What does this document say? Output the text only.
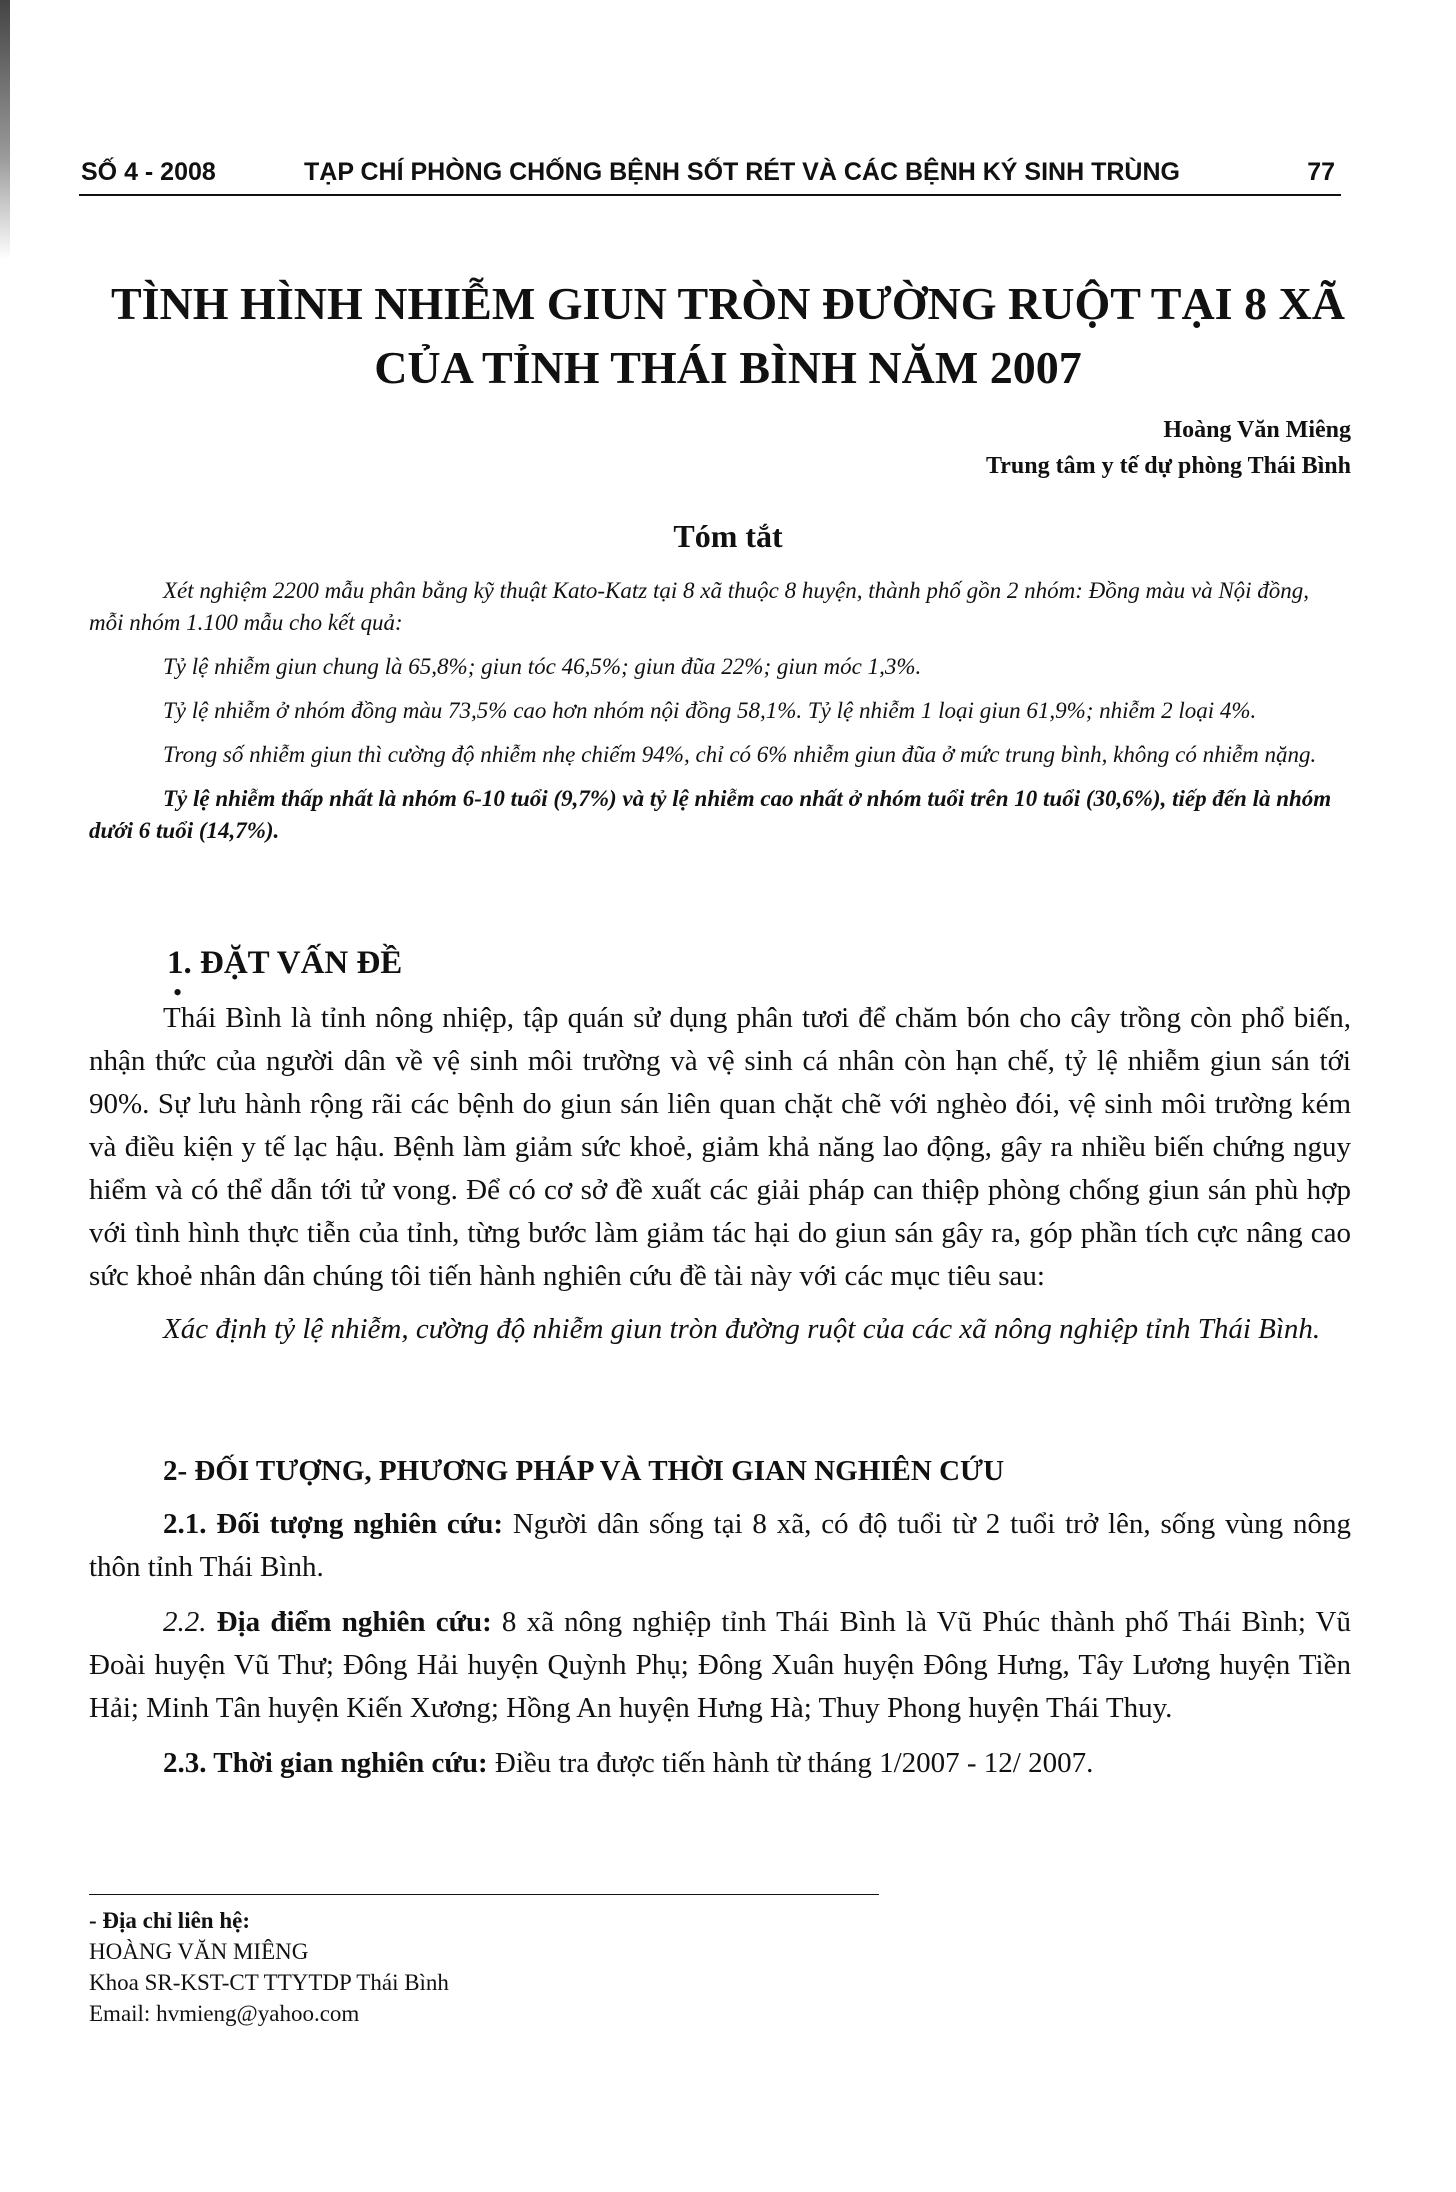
SỐ 4 - 2008	TẠP CHÍ PHÒNG CHỐNG BỆNH SỐT RÉT VÀ CÁC BỆNH KÝ SINH TRÙNG	77
TÌNH HÌNH NHIỄM GIUN TRÒN ĐƯỜNG RUỘT TẠI 8 XÃ
CỦA TỈNH THÁI BÌNH NĂM 2007
Hoàng Văn Miêng
Trung tâm y tế dự phòng Thái Bình
Tóm tắt
Xét nghiệm 2200 mẫu phân bằng kỹ thuật Kato-Katz tại 8 xã thuộc 8 huyện, thành phố gồn 2 nhóm: Đồng màu và Nội đồng, mỗi nhóm 1.100 mẫu cho kết quả:
Tỷ lệ nhiễm giun chung là 65,8%; giun tóc 46,5%; giun đũa 22%; giun móc 1,3%.
Tỷ lệ nhiễm ở nhóm đồng màu 73,5% cao hơn nhóm nội đồng 58,1%. Tỷ lệ nhiễm 1 loại giun 61,9%; nhiễm 2 loại 4%.
Trong số nhiễm giun thì cường độ nhiễm nhẹ chiếm 94%, chỉ có 6% nhiễm giun đũa ở mức trung bình, không có nhiễm nặng.
Tỷ lệ nhiễm thấp nhất là nhóm 6-10 tuổi (9,7%) và tỷ lệ nhiễm cao nhất ở nhóm tuổi trên 10 tuổi (30,6%), tiếp đến là nhóm dưới 6 tuổi (14,7%).
1. ĐẶT VẤN ĐỀ
•
Thái Bình là tỉnh nông nhiệp, tập quán sử dụng phân tươi để chăm bón cho cây trồng còn phổ biến, nhận thức của người dân về vệ sinh môi trường và vệ sinh cá nhân còn hạn chế, tỷ lệ nhiễm giun sán tới 90%. Sự lưu hành rộng rãi các bệnh do giun sán liên quan chặt chẽ với nghèo đói, vệ sinh môi trường kém và điều kiện y tế lạc hậu. Bệnh làm giảm sức khoẻ, giảm khả năng lao động, gây ra nhiều biến chứng nguy hiểm và có thể dẫn tới tử vong. Để có cơ sở đề xuất các giải pháp can thiệp phòng chống giun sán phù hợp với tình hình thực tiễn của tỉnh, từng bước làm giảm tác hại do giun sán gây ra, góp phần tích cực nâng cao sức khoẻ nhân dân chúng tôi tiến hành nghiên cứu đề tài này với các mục tiêu sau:
Xác định tỷ lệ nhiễm, cường độ nhiễm giun tròn đường ruột của các xã nông nghiệp tỉnh Thái Bình.
2- ĐỐI TƯỢNG, PHƯƠNG PHÁP VÀ THỜI GIAN NGHIÊN CỨU
2.1. Đối tượng nghiên cứu: Người dân sống tại 8 xã, có độ tuổi từ 2 tuổi trở lên, sống vùng nông thôn tỉnh Thái Bình.
2.2. Địa điểm nghiên cứu: 8 xã nông nghiệp tỉnh Thái Bình là Vũ Phúc thành phố Thái Bình; Vũ Đoài huyện Vũ Thư; Đông Hải huyện Quỳnh Phụ; Đông Xuân huyện Đông Hưng, Tây Lương huyện Tiền Hải; Minh Tân huyện Kiến Xương; Hồng An huyện Hưng Hà; Thuy Phong huyện Thái Thuy.
2.3. Thời gian nghiên cứu: Điều tra được tiến hành từ tháng 1/2007 - 12/ 2007.
- Địa chỉ liên hệ:
HOÀNG VĂN MIÊNG
Khoa SR-KST-CT TTYTDP Thái Bình
Email: hvmieng@yahoo.com
